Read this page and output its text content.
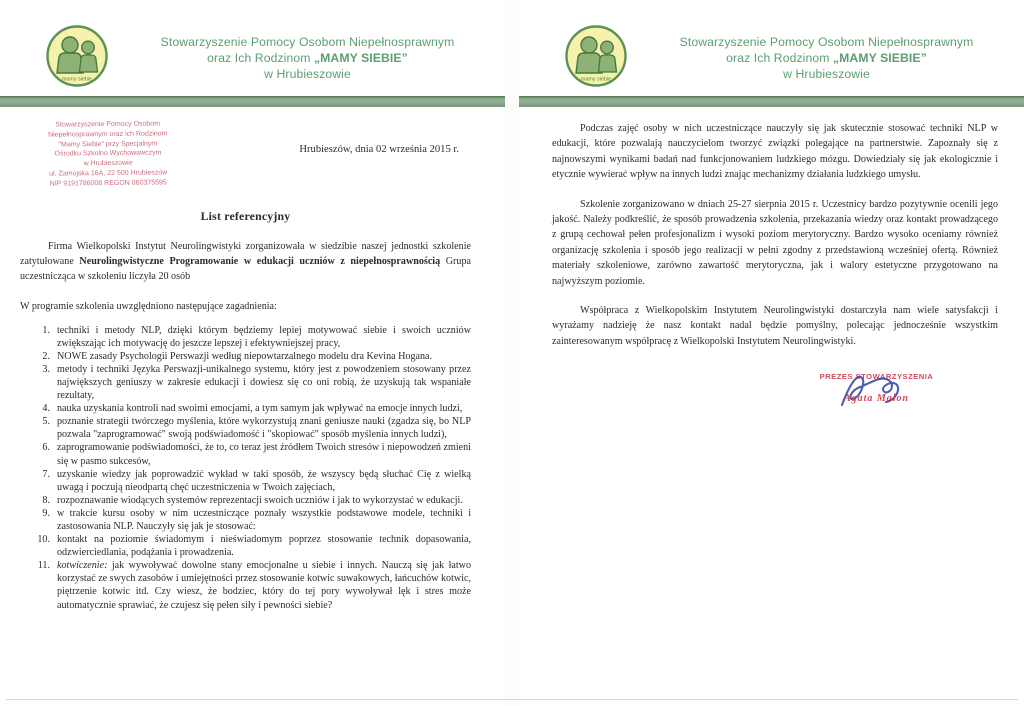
mamy siebie
Stowarzyszenie Pomocy Osobom Niepełnosprawnym
oraz Ich Rodzinom „MAMY SIEBIE”
w Hrubieszowie
Stowarzyszenie Pomocy Osobom
Niepełnosprawnym oraz ich Rodzinom
"Mamy Siebie" przy Specjalnym
Ośrodku Szkolno Wychowawczym
w Hrubieszowie
ul. Zamojska 16A, 22 500 Hrubieszów
NIP 9191786008 REGON 060375595
Hrubieszów, dnia 02 września 2015 r.
List referencyjny
Firma Wielkopolski Instytut Neurolingwistyki zorganizowała w siedzibie naszej jednostki szkolenie zatytułowane Neurolingwistyczne Programowanie w edukacji uczniów z niepełnosprawnością Grupa uczestnicząca w szkoleniu liczyła 20 osób
W programie szkolenia uwzględniono następujące zagadnienia:
1. techniki i metody NLP, dzięki którym będziemy lepiej motywować siebie i swoich uczniów zwiększając ich motywację do jeszcze lepszej i efektywniejszej pracy,
2. NOWE zasady Psychologii Perswazji według niepowtarzalnego modelu dra Kevina Hogana.
3. metody i techniki Języka Perswazji-unikalnego systemu, który jest z powodzeniem stosowany przez największych geniuszy w zakresie edukacji i dowiesz się co oni robią, że uzyskują tak wspaniałe rezultaty,
4. nauka uzyskania kontroli nad swoimi emocjami, a tym samym jak wpływać na emocje innych ludzi,
5. poznanie strategii twórczego myślenia, które wykorzystują znani geniusze nauki (zgadza się, bo NLP pozwala "zaprogramować" swoją podświadomość i "skopiować" sposób myślenia innych ludzi),
6. zaprogramowanie podświadomości, że to, co teraz jest źródłem Twoich stresów i niepowodzeń zmieni się w pasmo sukcesów,
7. uzyskanie wiedzy jak poprowadzić wykład w taki sposób, że wszyscy będą słuchać Cię z wielką uwagą i poczują nieodpartą chęć uczestniczenia w Twoich zajęciach,
8. rozpoznawanie wiodących systemów reprezentacji swoich uczniów i jak to wykorzystać w edukacji.
9. w trakcie kursu osoby w nim uczestniczące poznały wszystkie podstawowe modele, techniki i zastosowania NLP. Nauczyły się jak je stosować:
10. kontakt na poziomie świadomym i nieświadomym poprzez stosowanie technik dopasowania, odzwierciedlania, podążania i prowadzenia.
11. kotwiczenie: jak wywoływać dowolne stany emocjonalne u siebie i innych. Nauczą się jak łatwo korzystać ze swych zasobów i umiejętności przez stosowanie kotwic suwakowych, łańcuchów kotwic, piętrzenie kotwic itd. Czy wiesz, że bodziec, który do tej pory wywoływał lęk i stres może automatycznie sprawiać, że czujesz się pełen siły i pewności siebie?
mamy siebie
Stowarzyszenie Pomocy Osobom Niepełnosprawnym
oraz Ich Rodzinom „MAMY SIEBIE”
w Hrubieszowie
Podczas zajęć osoby w nich uczestniczące nauczyły się jak skutecznie stosować techniki NLP w edukacji, które pozwalają nauczycielom tworzyć związki polegające na partnerstwie. Zapoznały się z najnowszymi wynikami badań nad funkcjonowaniem ludzkiego mózgu. Dowiedziały się jak ekologicznie i etycznie wywierać wpływ na innych ludzi znając mechanizmy działania ludzkiego umysłu.
Szkolenie zorganizowano w dniach 25-27 sierpnia 2015 r. Uczestnicy bardzo pozytywnie ocenili jego jakość. Należy podkreślić, że sposób prowadzenia szkolenia, przekazania wiedzy oraz kontakt prowadzącego z grupą cechował pełen profesjonalizm i wysoki poziom merytoryczny. Bardzo wysoko oceniamy również organizację szkolenia i sposób jego realizacji w pełni zgodny z przedstawioną wcześniej ofertą. Również materiały szkoleniowe, zarówno zawartość merytoryczna, jak i walory estetyczne przygotowano na najwyższym poziomie.
Współpraca z Wielkopolskim Instytutem Neurolingwistyki dostarczyła nam wiele satysfakcji i wyrażamy nadzieję że nasz kontakt nadal będzie pomyślny, polecając jednocześnie wszystkim zainteresowanym współpracę z Wielkopolski Instytutem Neurolingwistyki.
PREZES STOWARZYSZENIA
Agata Malon
